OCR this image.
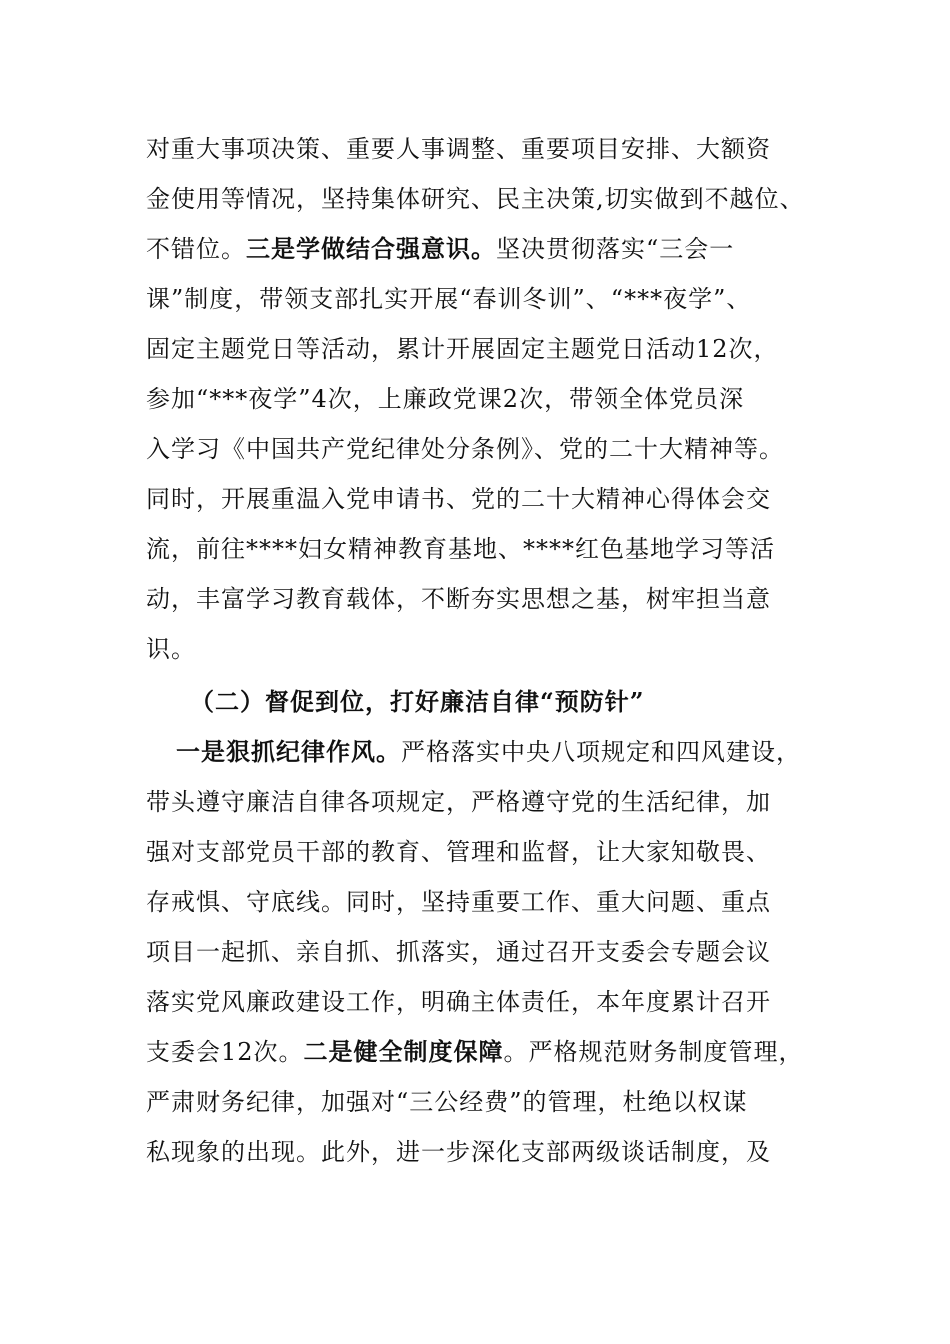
对重大事项决策、重要人事调整、重要项目安排、大额资
金使用等情况，坚持集体研究、民主决策,切实做到不越位、
不错位。三是学做结合强意识。坚决贯彻落实“三会一
课”制度，带领支部扎实开展“春训冬训”、“***夜学”、
固定主题党日等活动，累计开展固定主题党日活动12次，
参加“***夜学”4次，上廉政党课2次，带领全体党员深
入学习《中国共产党纪律处分条例》、党的二十大精神等。
同时，开展重温入党申请书、党的二十大精神心得体会交
流，前往****妇女精神教育基地、****红色基地学习等活
动，丰富学习教育载体，不断夯实思想之基，树牢担当意
识。
（二）督促到位，打好廉洁自律“预防针”
一是狠抓纪律作风。严格落实中央八项规定和四风建设，
带头遵守廉洁自律各项规定，严格遵守党的生活纪律，加
强对支部党员干部的教育、管理和监督，让大家知敬畏、
存戒惧、守底线。同时，坚持重要工作、重大问题、重点
项目一起抓、亲自抓、抓落实，通过召开支委会专题会议
落实党风廉政建设工作，明确主体责任，本年度累计召开
支委会12次。二是健全制度保障。严格规范财务制度管理，
严肃财务纪律，加强对“三公经费”的管理，杜绝以权谋
私现象的出现。此外，进一步深化支部两级谈话制度，及
